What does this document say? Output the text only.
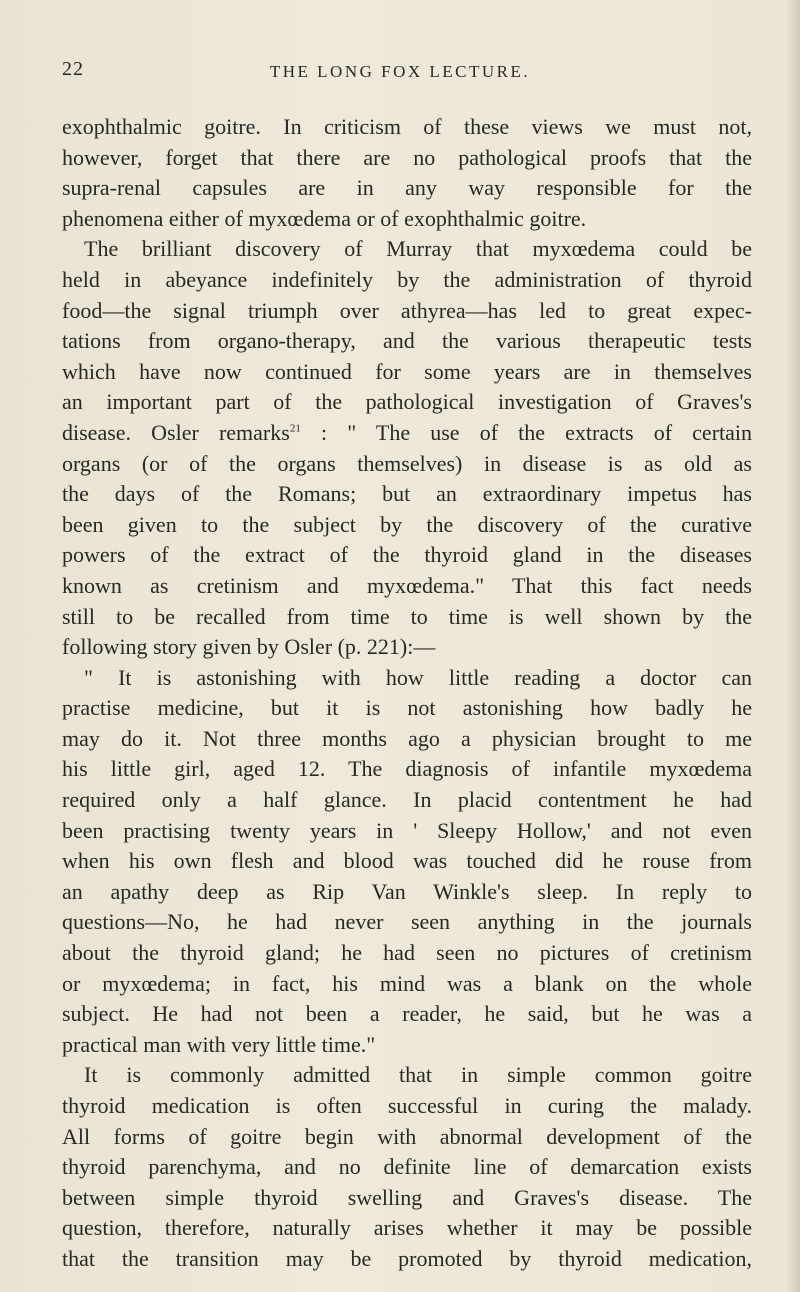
22	THE LONG FOX LECTURE.
exophthalmic goitre. In criticism of these views we must not,
however, forget that there are no pathological proofs that the
supra-renal capsules are in any way responsible for the
phenomena either of myxœdema or of exophthalmic goitre.
The brilliant discovery of Murray that myxœdema could be
held in abeyance indefinitely by the administration of thyroid
food—the signal triumph over athyrea—has led to great expec-
tations from organo-therapy, and the various therapeutic tests
which have now continued for some years are in themselves
an important part of the pathological investigation of Graves's
disease. Osler remarks$^{21}$ : " The use of the extracts of certain
organs (or of the organs themselves) in disease is as old as
the days of the Romans; but an extraordinary impetus has
been given to the subject by the discovery of the curative
powers of the extract of the thyroid gland in the diseases
known as cretinism and myxœdema." That this fact needs
still to be recalled from time to time is well shown by the
following story given by Osler (p. 221):—
" It is astonishing with how little reading a doctor can
practise medicine, but it is not astonishing how badly he
may do it. Not three months ago a physician brought to me
his little girl, aged 12. The diagnosis of infantile myxœdema
required only a half glance. In placid contentment he had
been practising twenty years in ' Sleepy Hollow,' and not even
when his own flesh and blood was touched did he rouse from
an apathy deep as Rip Van Winkle's sleep. In reply to
questions—No, he had never seen anything in the journals
about the thyroid gland; he had seen no pictures of cretinism
or myxœdema; in fact, his mind was a blank on the whole
subject. He had not been a reader, he said, but he was a
practical man with very little time."
It is commonly admitted that in simple common goitre
thyroid medication is often successful in curing the malady.
All forms of goitre begin with abnormal development of the
thyroid parenchyma, and no definite line of demarcation exists
between simple thyroid swelling and Graves's disease. The
question, therefore, naturally arises whether it may be possible
that the transition may be promoted by thyroid medication,
